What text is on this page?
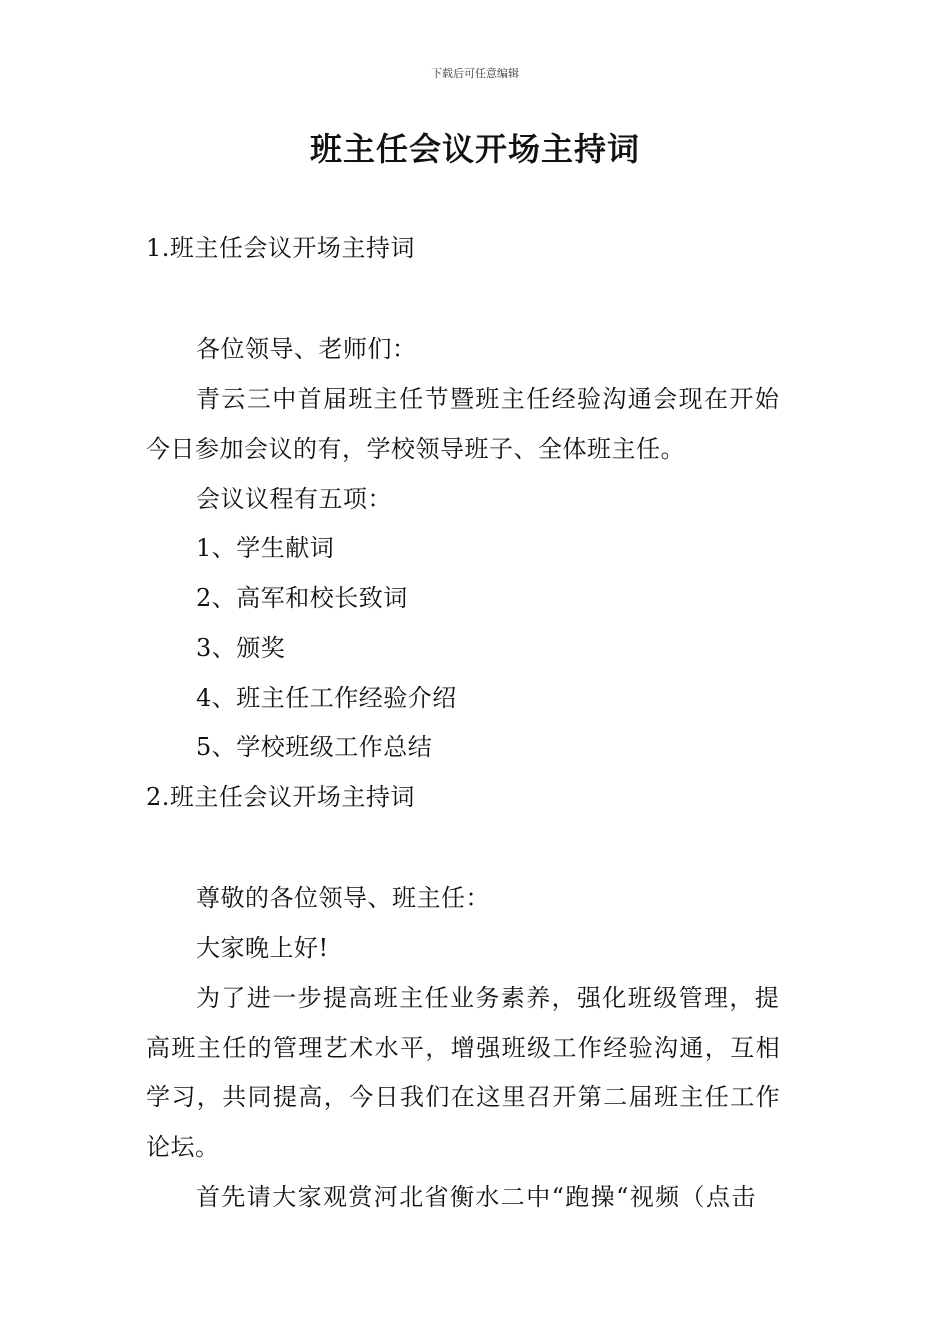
下载后可任意编辑
班主任会议开场主持词
1.班主任会议开场主持词
各位领导、老师们：
青云三中首届班主任节暨班主任经验沟通会现在开始
今日参加会议的有，学校领导班子、全体班主任。
会议议程有五项：
1、学生献词
2、高军和校长致词
3、颁奖
4、班主任工作经验介绍
5、学校班级工作总结
2.班主任会议开场主持词
尊敬的各位领导、班主任：
大家晚上好!
为了进一步提高班主任业务素养，强化班级管理，提
高班主任的管理艺术水平，增强班级工作经验沟通，互相
学习，共同提高，今日我们在这里召开第二届班主任工作
论坛。
首先请大家观赏河北省衡水二中“跑操“视频（点击
